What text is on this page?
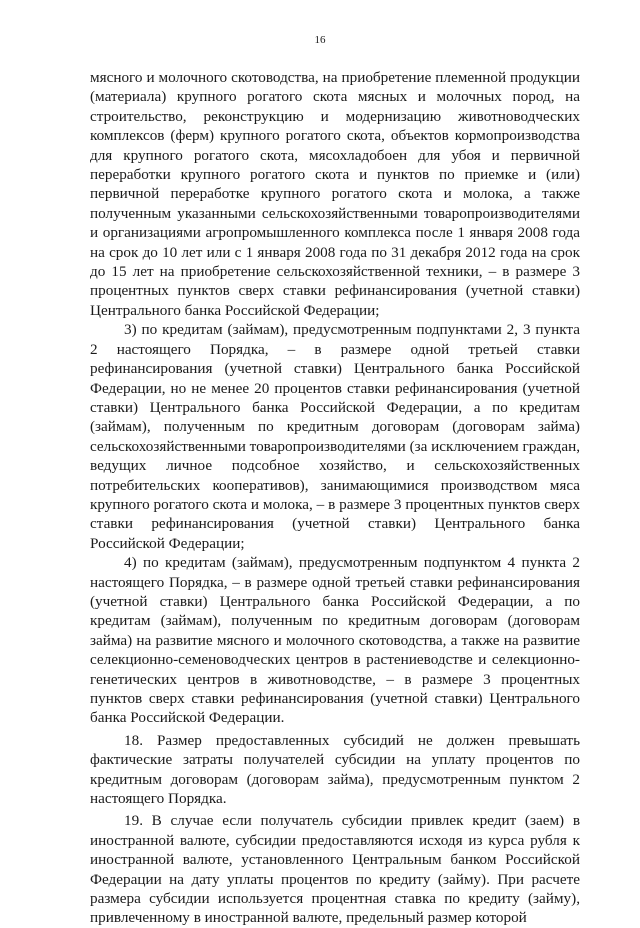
16

мясного и молочного скотоводства, на приобретение племенной продукции (материала) крупного рогатого скота мясных и молочных пород, на строительство, реконструкцию и модернизацию животноводческих комплексов (ферм) крупного рогатого скота, объектов кормопроизводства для крупного рогатого скота, мясохладобоен для убоя и первичной переработки крупного рогатого скота и пунктов по приемке и (или) первичной переработке крупного рогатого скота и молока, а также полученным указанными сельскохозяйственными товаропроизводителями и организациями агропромышленного комплекса после 1 января 2008 года на срок до 10 лет или с 1 января 2008 года по 31 декабря 2012 года на срок до 15 лет на приобретение сельскохозяйственной техники, – в размере 3 процентных пунктов сверх ставки рефинансирования (учетной ставки) Центрального банка Российской Федерации;

3) по кредитам (займам), предусмотренным подпунктами 2, 3 пункта 2 настоящего Порядка, – в размере одной третьей ставки рефинансирования (учетной ставки) Центрального банка Российской Федерации, но не менее 20 процентов ставки рефинансирования (учетной ставки) Центрального банка Российской Федерации, а по кредитам (займам), полученным по кредитным договорам (договорам займа) сельскохозяйственными товаропроизводителями (за исключением граждан, ведущих личное подсобное хозяйство, и сельскохозяйственных потребительских кооперативов), занимающимися производством мяса крупного рогатого скота и молока, – в размере 3 процентных пунктов сверх ставки рефинансирования (учетной ставки) Центрального банка Российской Федерации;

4) по кредитам (займам), предусмотренным подпунктом 4 пункта 2 настоящего Порядка, – в размере одной третьей ставки рефинансирования (учетной ставки) Центрального банка Российской Федерации, а по кредитам (займам), полученным по кредитным договорам (договорам займа) на развитие мясного и молочного скотоводства, а также на развитие селекционно-семеноводческих центров в растениеводстве и селекционно-генетических центров в животноводстве, – в размере 3 процентных пунктов сверх ставки рефинансирования (учетной ставки) Центрального банка Российской Федерации.

18. Размер предоставленных субсидий не должен превышать фактические затраты получателей субсидии на уплату процентов по кредитным договорам (договорам займа), предусмотренным пунктом 2 настоящего Порядка.

19. В случае если получатель субсидии привлек кредит (заем) в иностранной валюте, субсидии предоставляются исходя из курса рубля к иностранной валюте, установленного Центральным банком Российской Федерации на дату уплаты процентов по кредиту (займу). При расчете размера субсидии используется процентная ставка по кредиту (займу), привлеченному в иностранной валюте, предельный размер которой
